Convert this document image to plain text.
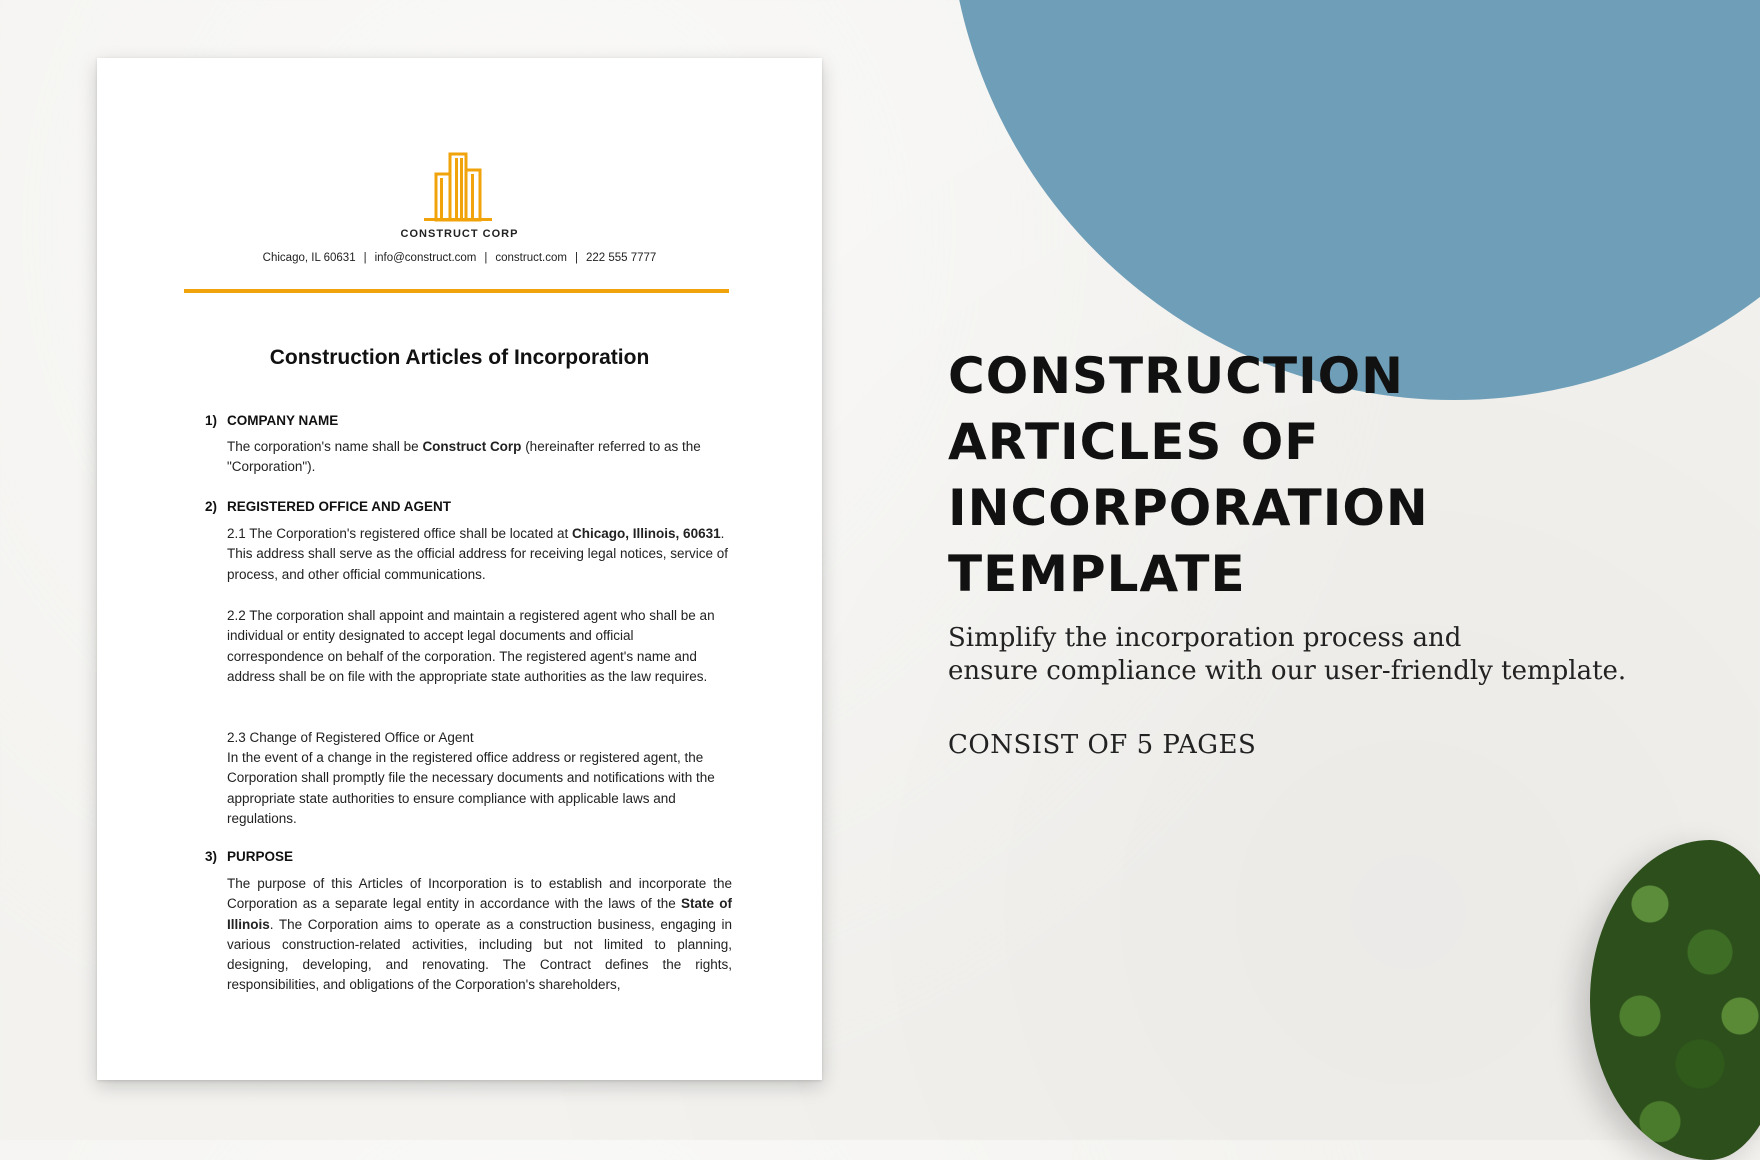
CONSTRUCT CORP
Chicago, IL 60631 | info@construct.com | construct.com | 222 555 7777
Construction Articles of Incorporation
1) COMPANY NAME
The corporation's name shall be Construct Corp (hereinafter referred to as the "Corporation").
2) REGISTERED OFFICE AND AGENT
2.1 The Corporation's registered office shall be located at Chicago, Illinois, 60631. This address shall serve as the official address for receiving legal notices, service of process, and other official communications.
2.2 The corporation shall appoint and maintain a registered agent who shall be an individual or entity designated to accept legal documents and official correspondence on behalf of the corporation. The registered agent's name and address shall be on file with the appropriate state authorities as the law requires.
2.3 Change of Registered Office or Agent
In the event of a change in the registered office address or registered agent, the Corporation shall promptly file the necessary documents and notifications with the appropriate state authorities to ensure compliance with applicable laws and regulations.
3) PURPOSE
The purpose of this Articles of Incorporation is to establish and incorporate the Corporation as a separate legal entity in accordance with the laws of the State of Illinois. The Corporation aims to operate as a construction business, engaging in various construction-related activities, including but not limited to planning, designing, developing, and renovating. The Contract defines the rights, responsibilities, and obligations of the Corporation's shareholders,
CONSTRUCTION
ARTICLES OF
INCORPORATION
TEMPLATE
Simplify the incorporation process and
ensure compliance with our user-friendly template.
CONSIST OF 5 PAGES
